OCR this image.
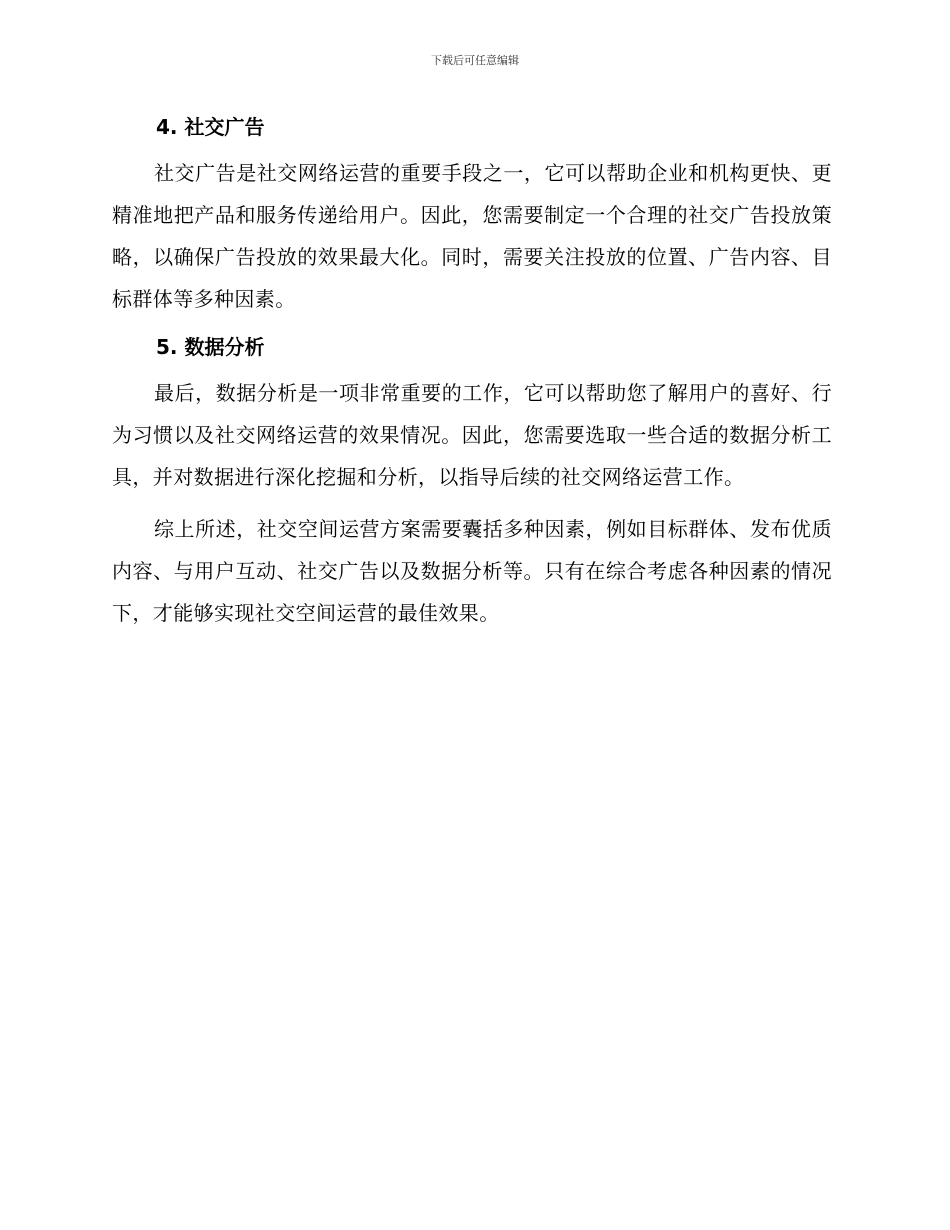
下载后可任意编辑
4. 社交广告

社交广告是社交网络运营的重要手段之一，它可以帮助企业和机构更快、更精准地把产品和服务传递给用户。因此，您需要制定一个合理的社交广告投放策略，以确保广告投放的效果最大化。同时，需要关注投放的位置、广告内容、目标群体等多种因素。

5. 数据分析

最后，数据分析是一项非常重要的工作，它可以帮助您了解用户的喜好、行为习惯以及社交网络运营的效果情况。因此，您需要选取一些合适的数据分析工具，并对数据进行深化挖掘和分析，以指导后续的社交网络运营工作。

综上所述，社交空间运营方案需要囊括多种因素，例如目标群体、发布优质内容、与用户互动、社交广告以及数据分析等。只有在综合考虑各种因素的情况下，才能够实现社交空间运营的最佳效果。
